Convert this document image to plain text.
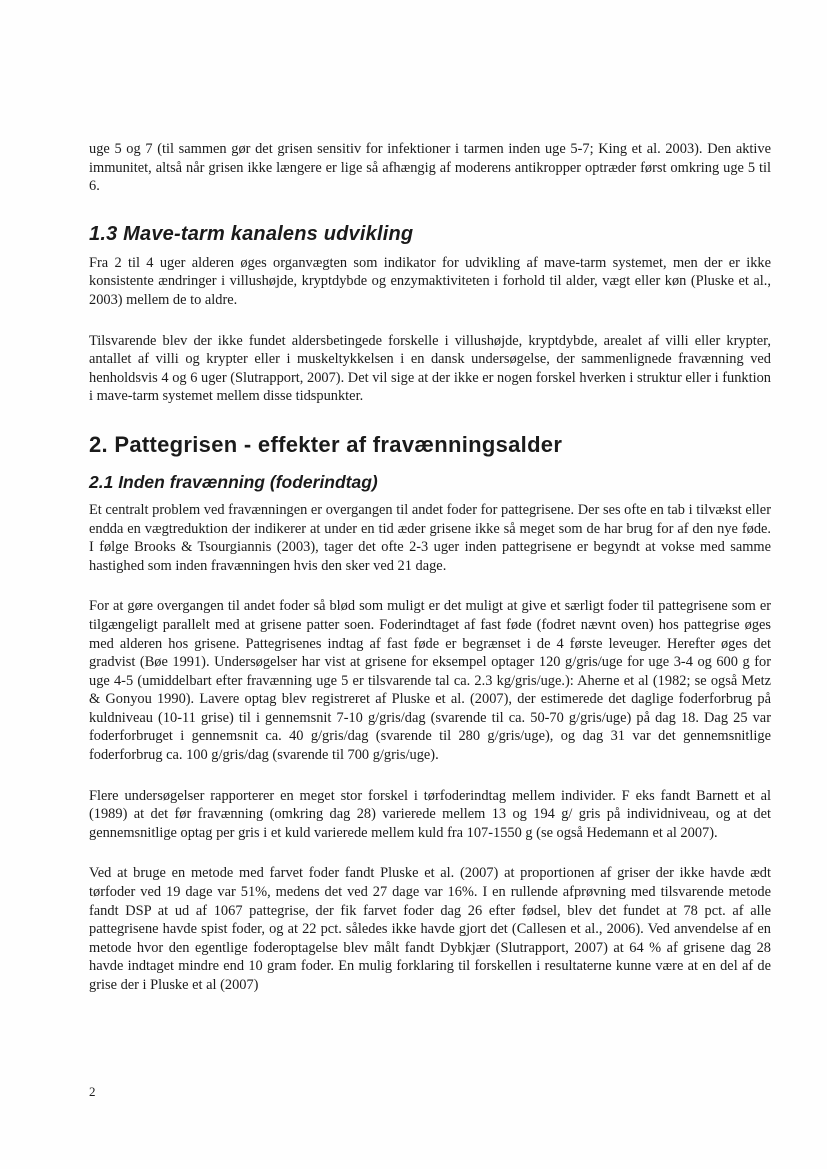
uge 5 og 7 (til sammen gør det grisen sensitiv for infektioner i tarmen inden uge 5-7; King et al. 2003). Den aktive immunitet, altså når grisen ikke længere er lige så afhængig af moderens antikropper optræder først omkring uge 5 til 6.

1.3 Mave-tarm kanalens udvikling

Fra 2 til 4 uger alderen øges organvægten som indikator for udvikling af mave-tarm systemet, men der er ikke konsistente ændringer i villushøjde, kryptdybde og enzymaktiviteten i forhold til alder, vægt eller køn (Pluske et al., 2003) mellem de to aldre.

Tilsvarende blev der ikke fundet aldersbetingede forskelle i villushøjde, kryptdybde, arealet af villi eller krypter, antallet af villi og krypter eller i muskeltykkelsen i en dansk undersøgelse, der sammenlignede fravænning ved henholdsvis 4 og 6 uger (Slutrapport, 2007). Det vil sige at der ikke er nogen forskel hverken i struktur eller i funktion i mave-tarm systemet mellem disse tidspunkter.

2. Pattegrisen - effekter af fravænningsalder
2.1 Inden fravænning (foderindtag)

Et centralt problem ved fravænningen er overgangen til andet foder for pattegrisene. Der ses ofte en tab i tilvækst eller endda en vægtreduktion der indikerer at under en tid æder grisene ikke så meget som de har brug for af den nye føde. I følge Brooks & Tsourgiannis (2003), tager det ofte 2-3 uger inden pattegrisene er begyndt at vokse med samme hastighed som inden fravænningen hvis den sker ved 21 dage.

For at gøre overgangen til andet foder så blød som muligt er det muligt at give et særligt foder til pattegrisene som er tilgængeligt parallelt med at grisene patter soen. Foderindtaget af fast føde (fodret nævnt oven) hos pattegrise øges med alderen hos grisene. Pattegrisenes indtag af fast føde er begrænset i de 4 første leveuger. Herefter øges det gradvist (Bøe 1991). Undersøgelser har vist at grisene for eksempel optager 120 g/gris/uge for uge 3-4 og 600 g for uge 4-5 (umiddelbart efter fravænning uge 5 er tilsvarende tal ca. 2.3 kg/gris/uge.): Aherne et al (1982; se også Metz & Gonyou 1990). Lavere optag blev registreret af Pluske et al. (2007), der estimerede det daglige foderforbrug på kuldniveau (10-11 grise) til i gennemsnit 7-10 g/gris/dag (svarende til ca. 50-70 g/gris/uge) på dag 18. Dag 25 var foderforbruget i gennemsnit ca. 40 g/gris/dag (svarende til 280 g/gris/uge), og dag 31 var det gennemsnitlige foderforbrug ca. 100 g/gris/dag (svarende til 700 g/gris/uge).

Flere undersøgelser rapporterer en meget stor forskel i tørfoderindtag mellem individer. F eks fandt Barnett et al (1989) at det før fravænning (omkring dag 28) varierede mellem 13 og 194 g/ gris på individniveau, og at det gennemsnitlige optag per gris i et kuld varierede mellem kuld fra 107-1550 g (se også Hedemann et al 2007).

Ved at bruge en metode med farvet foder fandt Pluske et al. (2007) at proportionen af griser der ikke havde ædt tørfoder ved 19 dage var 51%, medens det ved 27 dage var 16%. I en rullende afprøvning med tilsvarende metode fandt DSP at ud af 1067 pattegrise, der fik farvet foder dag 26 efter fødsel, blev det fundet at 78 pct. af alle pattegrisene havde spist foder, og at 22 pct. således ikke havde gjort det (Callesen et al., 2006). Ved anvendelse af en metode hvor den egentlige foderoptagelse blev målt fandt Dybkjær (Slutrapport, 2007) at 64 % af grisene dag 28 havde indtaget mindre end 10 gram foder. En mulig forklaring til forskellen i resultaterne kunne være at en del af de grise der i Pluske et al (2007)

2
